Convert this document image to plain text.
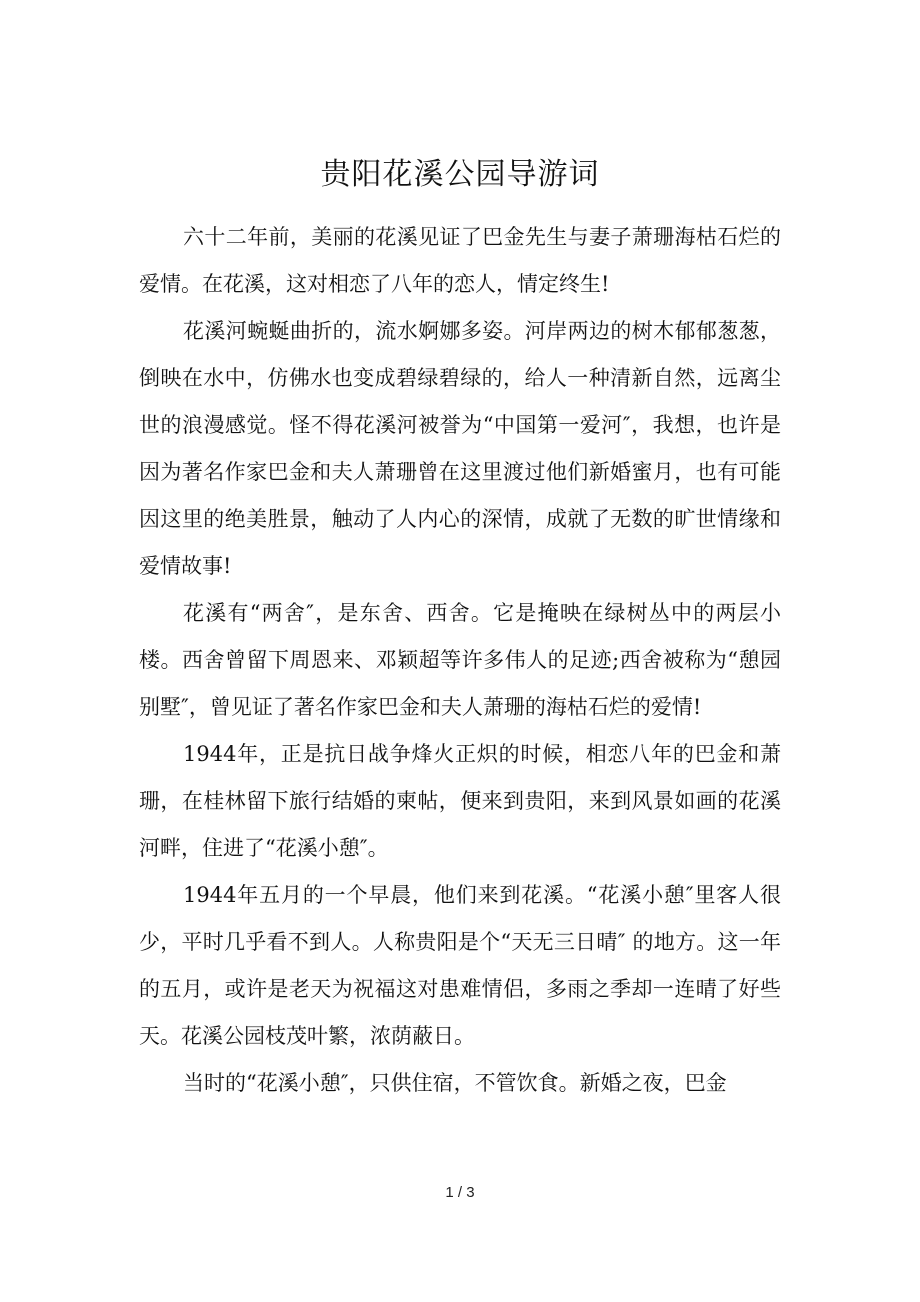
贵阳花溪公园导游词

六十二年前，美丽的花溪见证了巴金先生与妻子萧珊海枯石烂的爱情。在花溪，这对相恋了八年的恋人，情定终生!

花溪河蜿蜒曲折的，流水婀娜多姿。河岸两边的树木郁郁葱葱，倒映在水中，仿佛水也变成碧绿碧绿的，给人一种清新自然，远离尘世的浪漫感觉。怪不得花溪河被誉为“中国第一爱河″，我想，也许是因为著名作家巴金和夫人萧珊曾在这里渡过他们新婚蜜月，也有可能因这里的绝美胜景，触动了人内心的深情，成就了无数的旷世情缘和爱情故事!

花溪有“两舍″，是东舍、西舍。它是掩映在绿树丛中的两层小楼。西舍曾留下周恩来、邓颖超等许多伟人的足迹;西舍被称为“憩园别墅″，曾见证了著名作家巴金和夫人萧珊的海枯石烂的爱情!

1944年，正是抗日战争烽火正炽的时候，相恋八年的巴金和萧珊，在桂林留下旅行结婚的柬帖，便来到贵阳，来到风景如画的花溪河畔，住进了“花溪小憩″。

1944年五月的一个早晨，他们来到花溪。“花溪小憩″里客人很少，平时几乎看不到人。人称贵阳是个“天无三日晴″ 的地方。这一年的五月，或许是老天为祝福这对患难情侣，多雨之季却一连晴了好些天。花溪公园枝茂叶繁，浓荫蔽日。

当时的“花溪小憩″，只供住宿，不管饮食。新婚之夜，巴金

1 / 3
